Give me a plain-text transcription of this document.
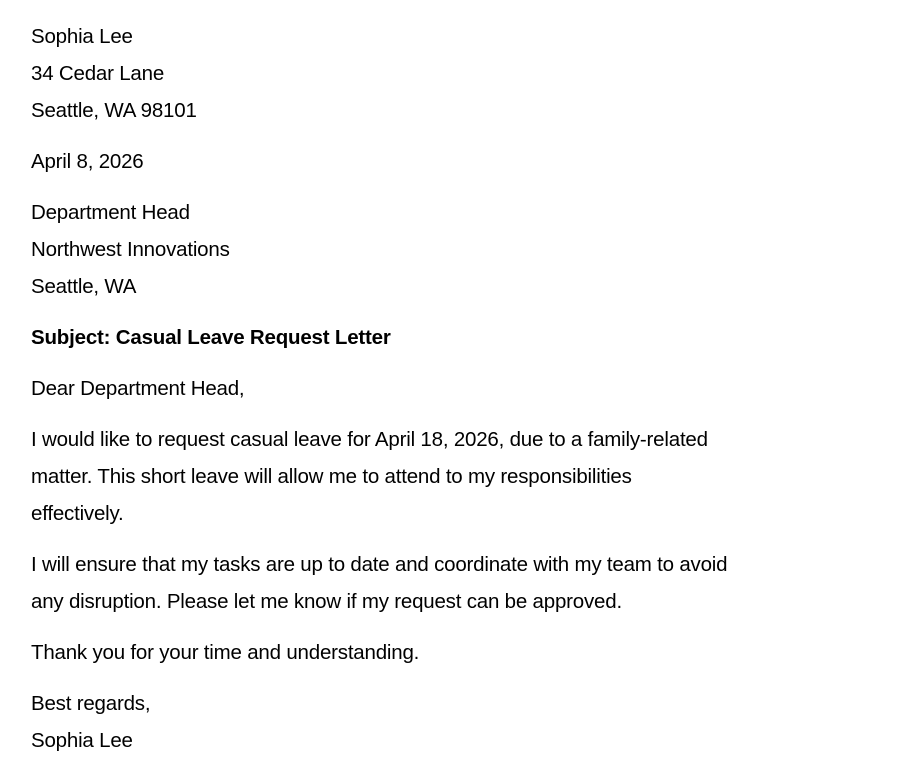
Sophia Lee
34 Cedar Lane
Seattle, WA 98101
April 8, 2026
Department Head
Northwest Innovations
Seattle, WA
Subject: Casual Leave Request Letter
Dear Department Head,
I would like to request casual leave for April 18, 2026, due to a family-related
matter. This short leave will allow me to attend to my responsibilities
effectively.
I will ensure that my tasks are up to date and coordinate with my team to avoid
any disruption. Please let me know if my request can be approved.
Thank you for your time and understanding.
Best regards,
Sophia Lee
